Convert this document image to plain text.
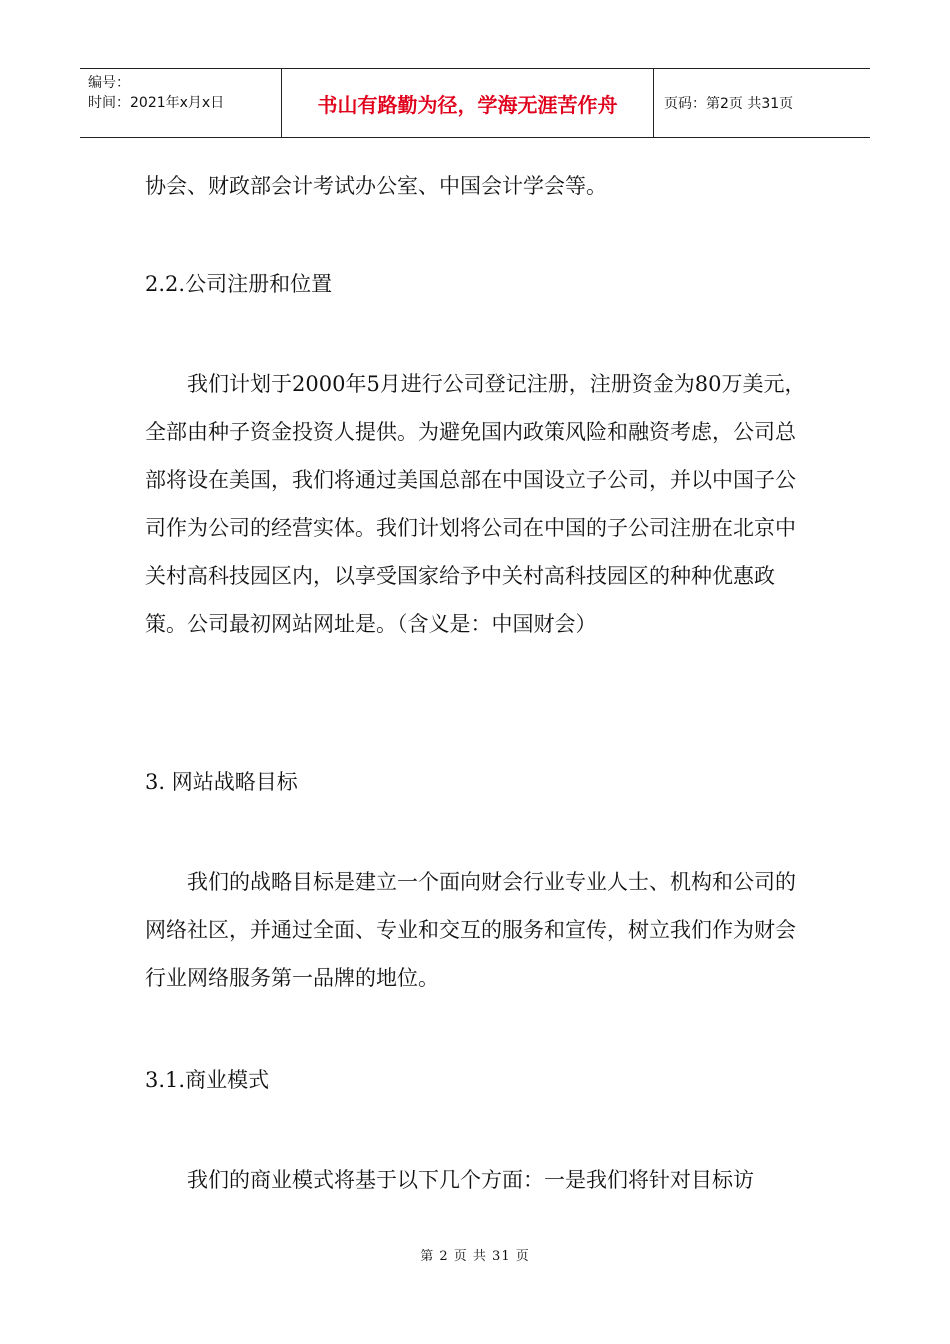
编号：
时间：2021年x月x日	书山有路勤为径，学海无涯苦作舟	页码：第2页 共31页

协会、财政部会计考试办公室、中国会计学会等。

2.2.公司注册和位置

我们计划于2000年5月进行公司登记注册，注册资金为80万美元，全部由种子资金投资人提供。为避免国内政策风险和融资考虑，公司总部将设在美国，我们将通过美国总部在中国设立子公司，并以中国子公司作为公司的经营实体。我们计划将公司在中国的子公司注册在北京中关村高科技园区内，以享受国家给予中关村高科技园区的种种优惠政策。公司最初网站网址是。（含义是：中国财会）

3. 网站战略目标

我们的战略目标是建立一个面向财会行业专业人士、机构和公司的网络社区，并通过全面、专业和交互的服务和宣传，树立我们作为财会行业网络服务第一品牌的地位。

3.1.商业模式

我们的商业模式将基于以下几个方面：一是我们将针对目标访

第 2 页 共 31 页
